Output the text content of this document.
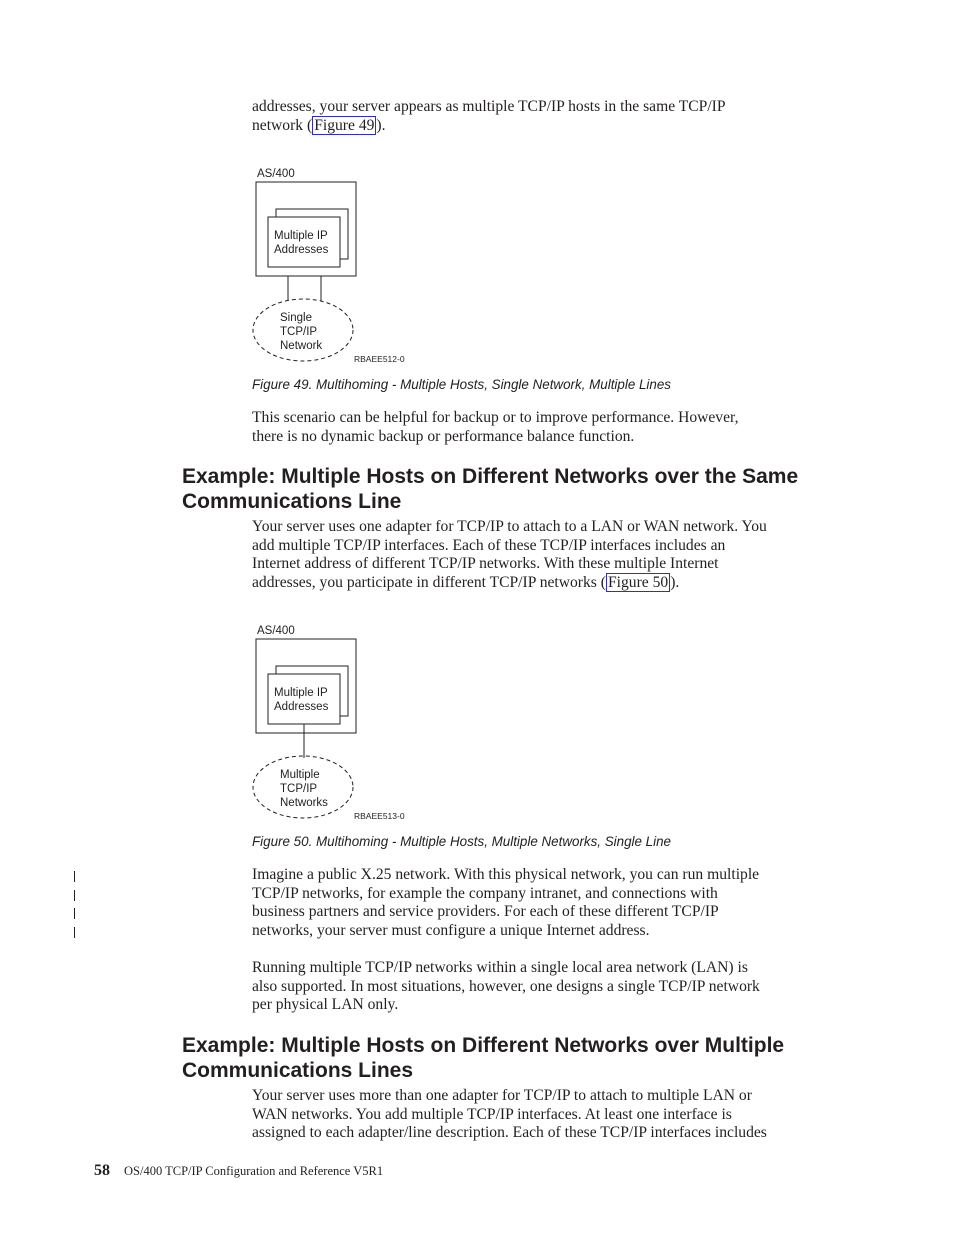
addresses, your server appears as multiple TCP/IP hosts in the same TCP/IP
network ( Figure 49 ).
AS/400
Multiple IP
Addresses
Single
TCP/IP
Network
RBAEE512-0

Figure 49. Multihoming - Multiple Hosts, Single Network, Multiple Lines

This scenario can be helpful for backup or to improve performance. However,
there is no dynamic backup or performance balance function.
Example: Multiple Hosts on Different Networks over the Same
Communications Line
Your server uses one adapter for TCP/IP to attach to a LAN or WAN network. You
add multiple TCP/IP interfaces. Each of these TCP/IP interfaces includes an
Internet address of different TCP/IP networks. With these multiple Internet
addresses, you participate in different TCP/IP networks ( Figure 50 ).
AS/400
Multiple IP
Addresses
Multiple
TCP/IP
Networks
RBAEE513-0

Figure 50. Multihoming - Multiple Hosts, Multiple Networks, Single Line

Imagine a public X.25 network. With this physical network, you can run multiple
TCP/IP networks, for example the company intranet, and connections with
business partners and service providers. For each of these different TCP/IP
networks, your server must configure a unique Internet address.
Running multiple TCP/IP networks within a single local area network (LAN) is
also supported. In most situations, however, one designs a single TCP/IP network
per physical LAN only.
Example: Multiple Hosts on Different Networks over Multiple
Communications Lines
Your server uses more than one adapter for TCP/IP to attach to multiple LAN or
WAN networks. You add multiple TCP/IP interfaces. At least one interface is
assigned to each adapter/line description. Each of these TCP/IP interfaces includes
58 OS/400 TCP/IP Configuration and Reference V5R1
